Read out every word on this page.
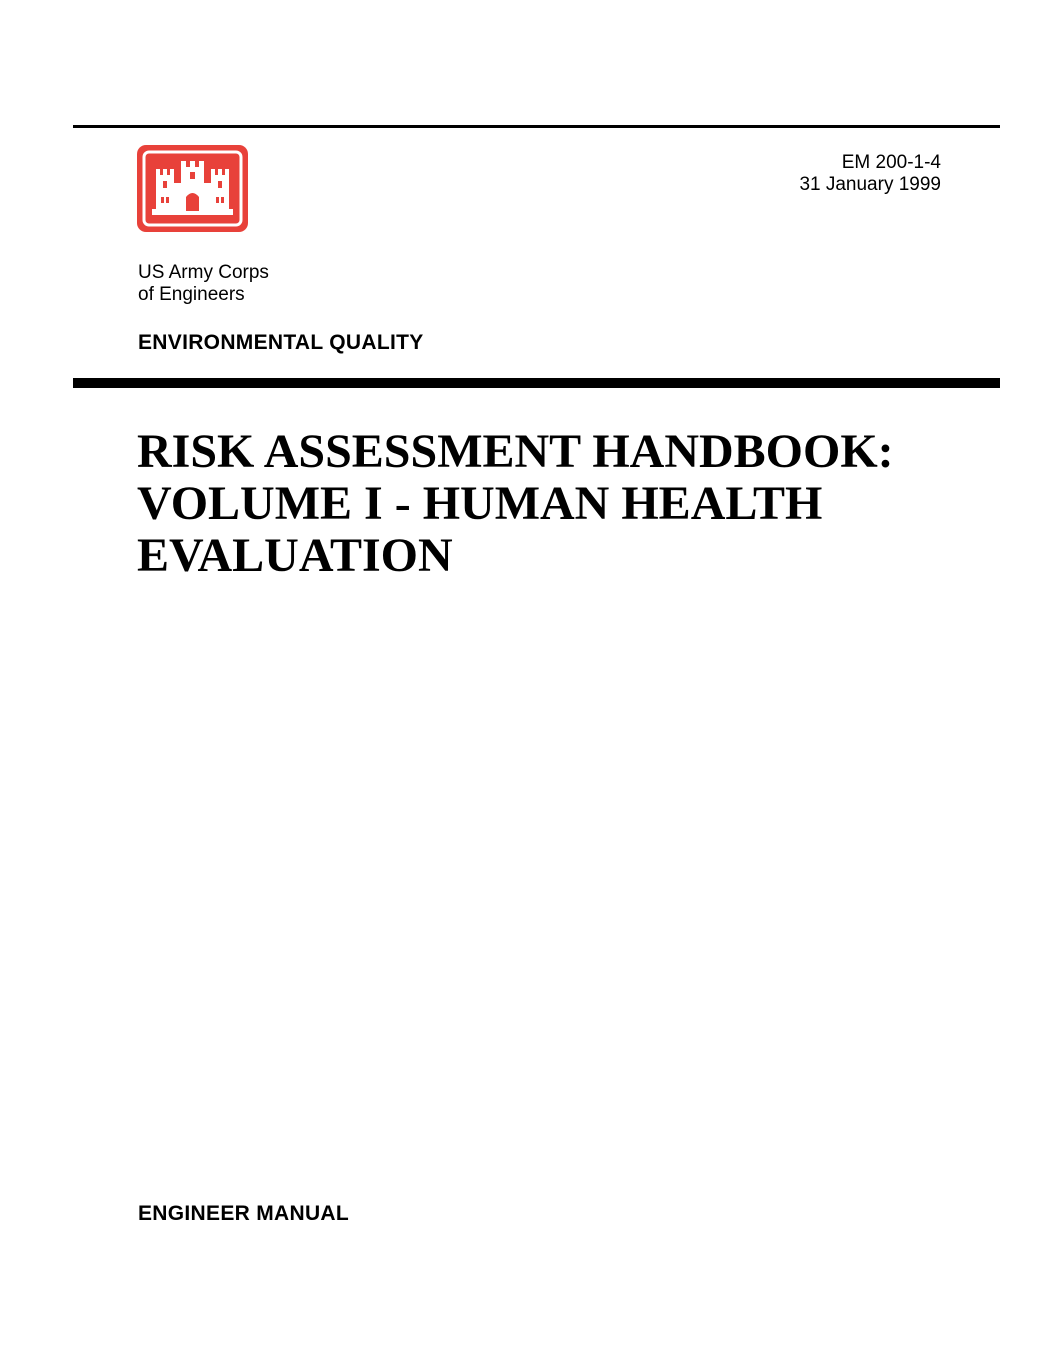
EM 200-1-4
31 January 1999
US Army Corps
of Engineers
ENVIRONMENTAL QUALITY
RISK ASSESSMENT HANDBOOK:
VOLUME I - HUMAN HEALTH
EVALUATION
ENGINEER MANUAL
